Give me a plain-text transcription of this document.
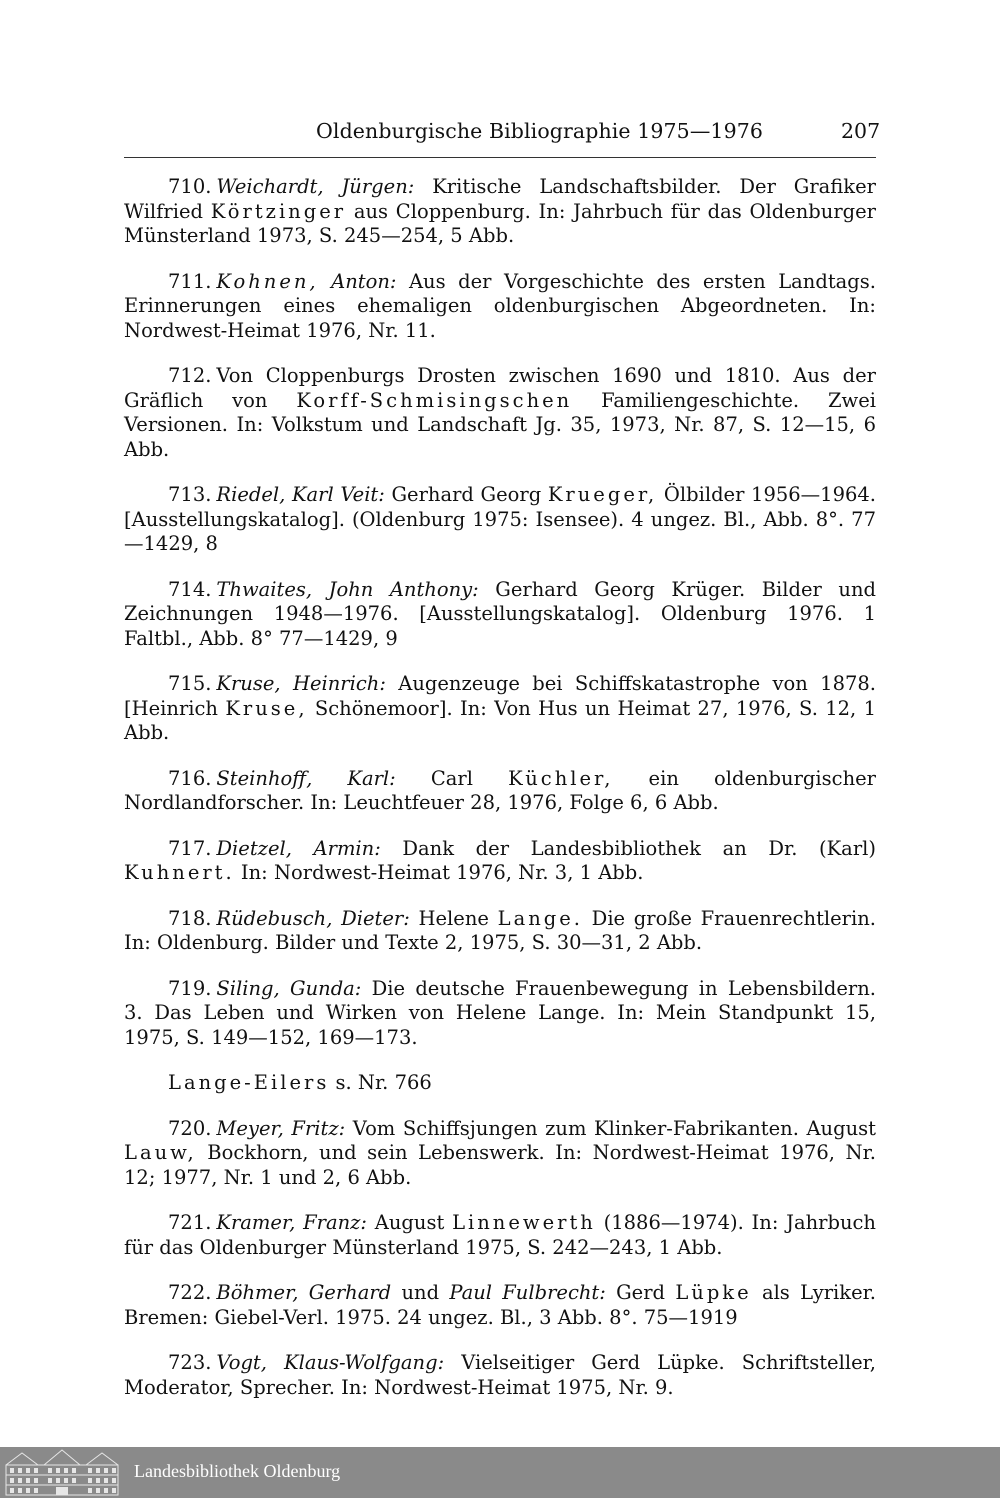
Oldenburgische Bibliographie 1975—1976	207

710. Weichardt, Jürgen: Kritische Landschaftsbilder. Der Grafiker Wilfried Körtzinger aus Cloppenburg. In: Jahrbuch für das Oldenburger Münsterland 1973, S. 245—254, 5 Abb.

711. Kohnen, Anton: Aus der Vorgeschichte des ersten Landtags. Erinnerungen eines ehemaligen oldenburgischen Abgeordneten. In: Nordwest-Heimat 1976, Nr. 11.

712. Von Cloppenburgs Drosten zwischen 1690 und 1810. Aus der Gräflich von Korff-Schmisingschen Familiengeschichte. Zwei Versionen. In: Volkstum und Landschaft Jg. 35, 1973, Nr. 87, S. 12—15, 6 Abb.

713. Riedel, Karl Veit: Gerhard Georg Krueger, Ölbilder 1956—1964. [Ausstellungskatalog]. (Oldenburg 1975: Isensee). 4 ungez. Bl., Abb. 8°. 77—1429, 8

714. Thwaites, John Anthony: Gerhard Georg Krüger. Bilder und Zeichnungen 1948—1976. [Ausstellungskatalog]. Oldenburg 1976. 1 Faltbl., Abb. 8° 77—1429, 9

715. Kruse, Heinrich: Augenzeuge bei Schiffskatastrophe von 1878. [Heinrich Kruse, Schönemoor]. In: Von Hus un Heimat 27, 1976, S. 12, 1 Abb.

716. Steinhoff, Karl: Carl Küchler, ein oldenburgischer Nordlandforscher. In: Leuchtfeuer 28, 1976, Folge 6, 6 Abb.

717. Dietzel, Armin: Dank der Landesbibliothek an Dr. (Karl) Kuhnert. In: Nordwest-Heimat 1976, Nr. 3, 1 Abb.

718. Rüdebusch, Dieter: Helene Lange. Die große Frauenrechtlerin. In: Oldenburg. Bilder und Texte 2, 1975, S. 30—31, 2 Abb.

719. Siling, Gunda: Die deutsche Frauenbewegung in Lebensbildern. 3. Das Leben und Wirken von Helene Lange. In: Mein Standpunkt 15, 1975, S. 149—152, 169—173.

Lange-Eilers s. Nr. 766

720. Meyer, Fritz: Vom Schiffsjungen zum Klinker-Fabrikanten. August Lauw, Bockhorn, und sein Lebenswerk. In: Nordwest-Heimat 1976, Nr. 12; 1977, Nr. 1 und 2, 6 Abb.

721. Kramer, Franz: August Linnewerth (1886—1974). In: Jahrbuch für das Oldenburger Münsterland 1975, S. 242—243, 1 Abb.

722. Böhmer, Gerhard und Paul Fulbrecht: Gerd Lüpke als Lyriker. Bremen: Giebel-Verl. 1975. 24 ungez. Bl., 3 Abb. 8°. 75—1919

723. Vogt, Klaus-Wolfgang: Vielseitiger Gerd Lüpke. Schriftsteller, Moderator, Sprecher. In: Nordwest-Heimat 1975, Nr. 9.

Landesbibliothek Oldenburg
